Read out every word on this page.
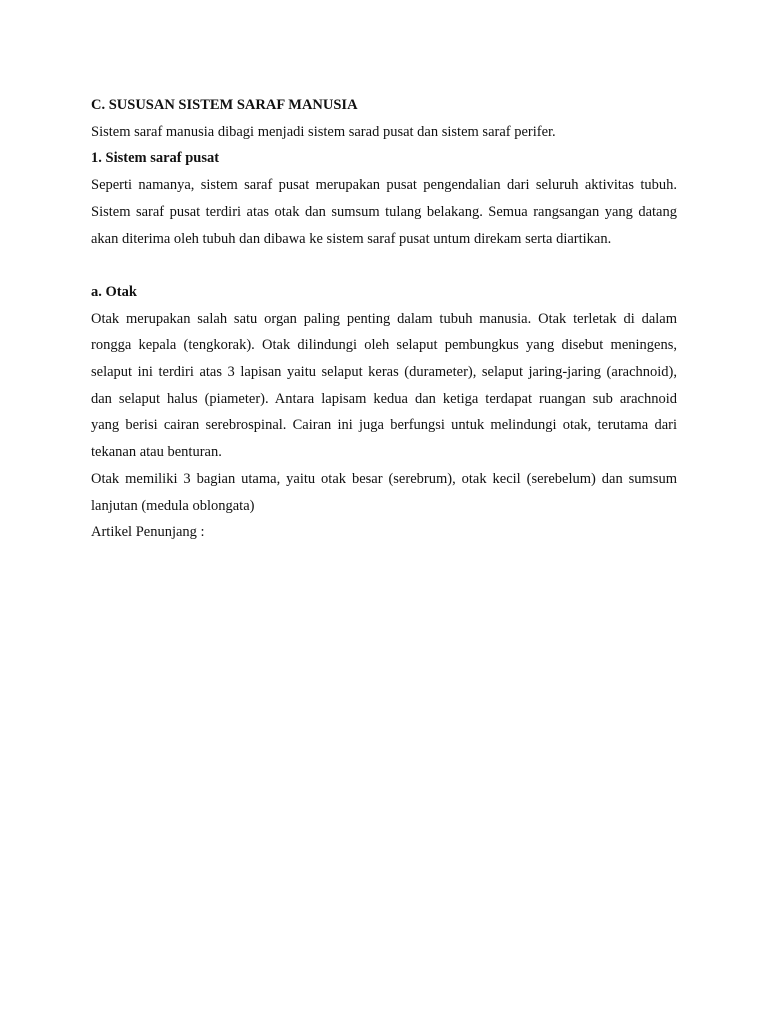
C. SUSUSAN SISTEM SARAF MANUSIA
Sistem saraf manusia dibagi menjadi sistem sarad pusat dan sistem saraf perifer.
1. Sistem saraf pusat
Seperti namanya, sistem saraf pusat merupakan pusat pengendalian dari seluruh aktivitas tubuh.
Sistem saraf pusat terdiri atas otak dan sumsum tulang belakang. Semua rangsangan yang datang
akan diterima oleh tubuh dan dibawa ke sistem saraf pusat untum direkam serta diartikan.
a. Otak
Otak merupakan salah satu organ paling penting dalam tubuh manusia. Otak terletak di dalam
rongga kepala (tengkorak). Otak dilindungi oleh selaput pembungkus yang disebut meningens,
selaput ini terdiri atas 3 lapisan yaitu selaput keras (durameter), selaput jaring-jaring (arachnoid),
dan selaput halus (piameter). Antara lapisam kedua dan ketiga terdapat ruangan sub arachnoid
yang berisi cairan serebrospinal. Cairan ini juga berfungsi untuk melindungi otak, terutama dari
tekanan atau benturan.
Otak memiliki 3 bagian utama, yaitu otak besar (serebrum), otak kecil (serebelum) dan sumsum
lanjutan (medula oblongata)
Artikel Penunjang :
